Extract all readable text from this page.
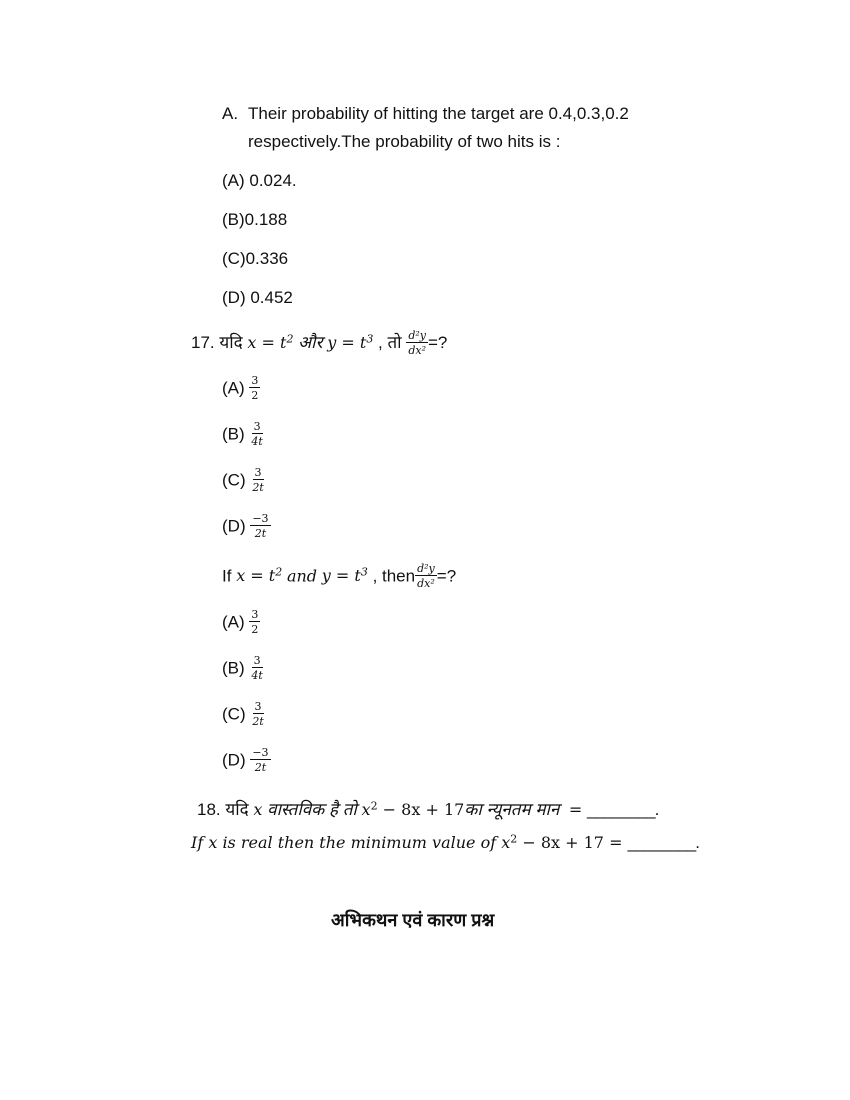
A. Their probability of hitting the target are 0.4,0.3,0.2
respectively.The probability of two hits is :
(A) 0.024.
(B)0.188
(C)0.336
(D) 0.452
17. यदि $x = t^2$ और $y = t^3$ , तो $\frac{\text{d²y}}{\text{dx²}}$ =?
$(A) \frac{3}{2}$
$(B) \frac{3}{4t}$
$(C) \frac{3}{2t}$
$(D) \frac{-3}{2t}$
If $x = t^2$ and $y = t^3$ , then $\frac{\text{d²y}}{\text{dx²}}$ =?
$(A) \frac{3}{2}$
$(B) \frac{3}{4t}$
$(C) \frac{3}{2t}$
$(D) \frac{-3}{2t}$
18. यदि x वास्तविक है तो $x^2 - 8x$ + 17का न्यूनतम मान = ________.
If x is real then the minimum value of $x^2 - 8x + 17$ = ________.
अभिकथन एवं कारण प्रश्न
